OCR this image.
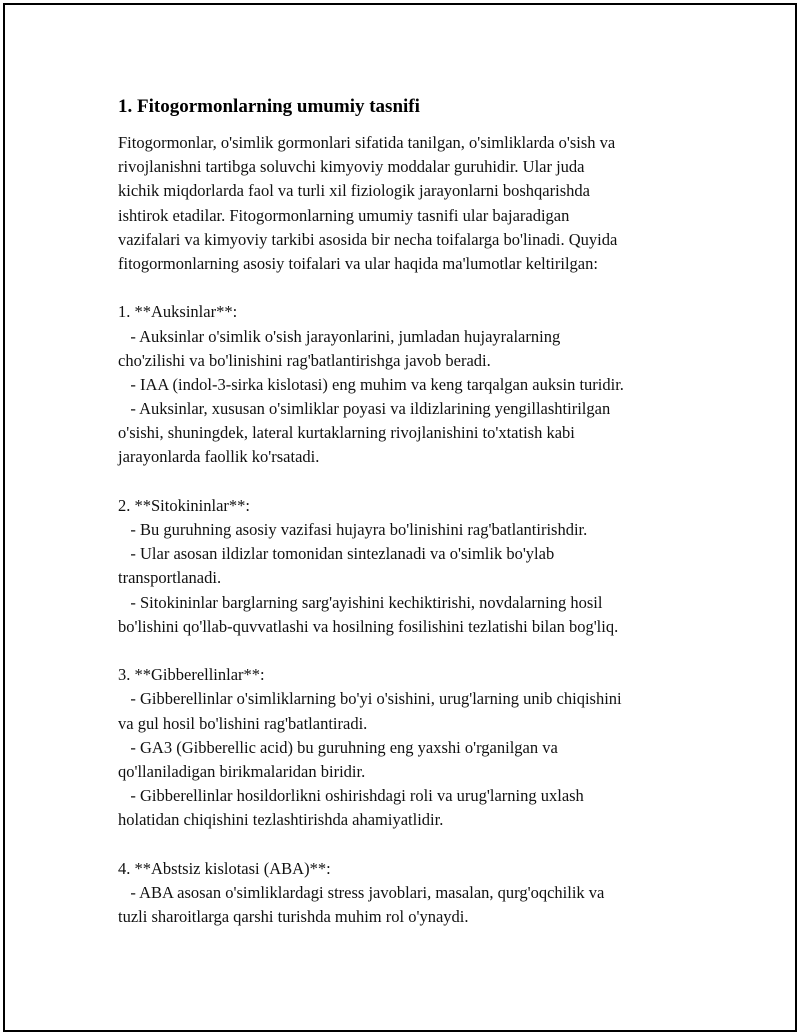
1. Fitogormonlarning umumiy tasnifi
Fitogormonlar, o'simlik gormonlari sifatida tanilgan, o'simliklarda o'sish va
rivojlanishni tartibga soluvchi kimyoviy moddalar guruhidir. Ular juda
kichik miqdorlarda faol va turli xil fiziologik jarayonlarni boshqarishda
ishtirok etadilar. Fitogormonlarning umumiy tasnifi ular bajaradigan
vazifalari va kimyoviy tarkibi asosida bir necha toifalarga bo'linadi. Quyida
fitogormonlarning asosiy toifalari va ular haqida ma'lumotlar keltirilgan:
1. **Auksinlar**:
- Auksinlar o'simlik o'sish jarayonlarini, jumladan hujayralarning
cho'zilishi va bo'linishini rag'batlantirishga javob beradi.
- IAA (indol-3-sirka kislotasi) eng muhim va keng tarqalgan auksin turidir.
- Auksinlar, xususan o'simliklar poyasi va ildizlarining yengillashtirilgan
o'sishi, shuningdek, lateral kurtaklarning rivojlanishini to'xtatish kabi
jarayonlarda faollik ko'rsatadi.
2. **Sitokininlar**:
- Bu guruhning asosiy vazifasi hujayra bo'linishini rag'batlantirishdir.
- Ular asosan ildizlar tomonidan sintezlanadi va o'simlik bo'ylab
transportlanadi.
- Sitokininlar barglarning sarg'ayishini kechiktirishi, novdalarning hosil
bo'lishini qo'llab-quvvatlashi va hosilning fosilishini tezlatishi bilan bog'liq.
3. **Gibberellinlar**:
- Gibberellinlar o'simliklarning bo'yi o'sishini, urug'larning unib chiqishini
va gul hosil bo'lishini rag'batlantiradi.
- GA3 (Gibberellic acid) bu guruhning eng yaxshi o'rganilgan va
qo'llaniladigan birikmalaridan biridir.
- Gibberellinlar hosildorlikni oshirishdagi roli va urug'larning uxlash
holatidan chiqishini tezlashtirishda ahamiyatlidir.
4. **Abstsiz kislotasi (ABA)**:
- ABA asosan o'simliklardagi stress javoblari, masalan, qurg'oqchilik va
tuzli sharoitlarga qarshi turishda muhim rol o'ynaydi.
